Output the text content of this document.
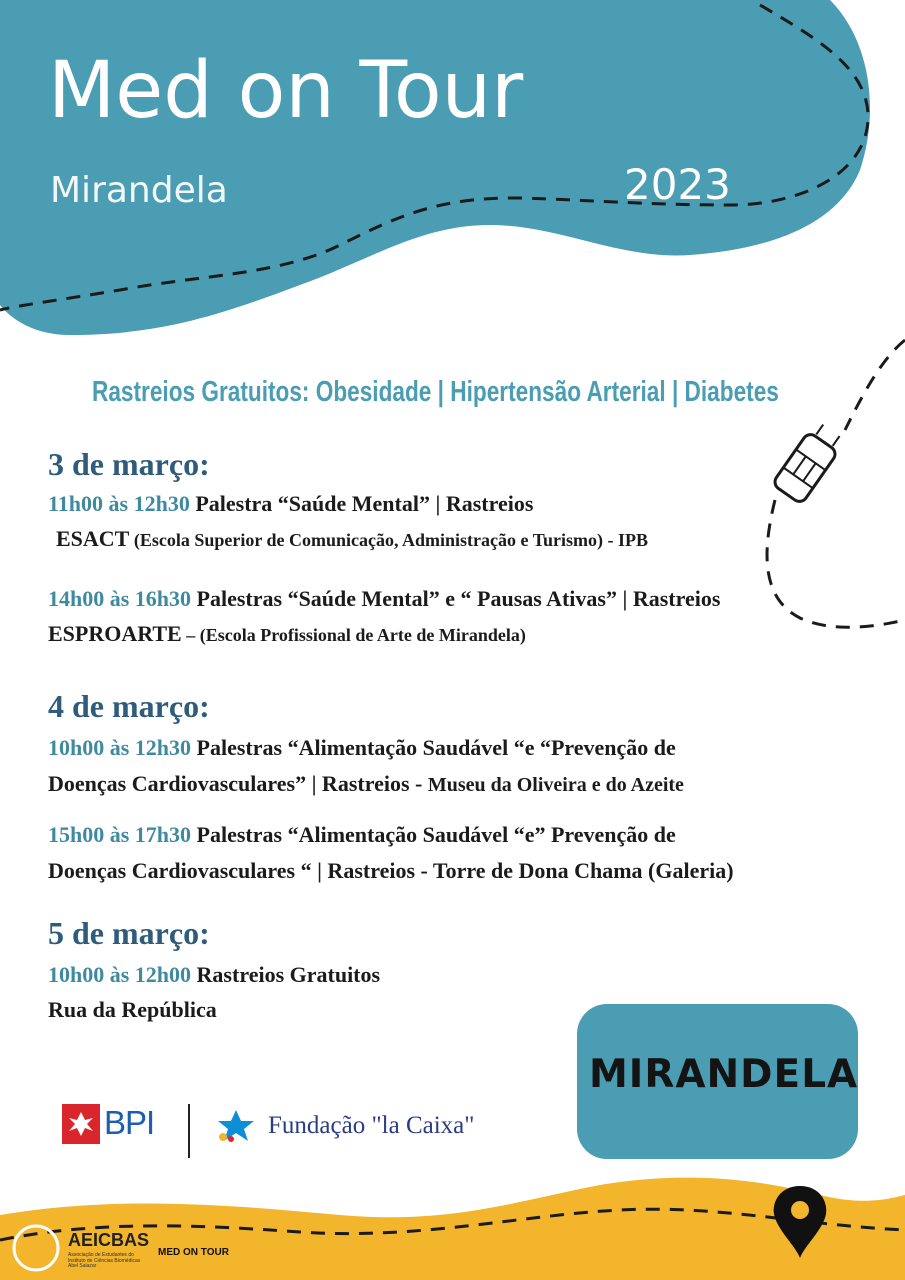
Med on Tour
Mirandela	2023
Rastreios Gratuitos: Obesidade | Hipertensão Arterial | Diabetes
3 de março:
11h00 às 12h30 Palestra “Saúde Mental” | Rastreios
ESACT (Escola Superior de Comunicação, Administração e Turismo) - IPB
14h00 às 16h30 Palestras “Saúde Mental” e “ Pausas Ativas” | Rastreios
ESPROARTE – (Escola Profissional de Arte de Mirandela)
4 de março:
10h00 às 12h30 Palestras “Alimentação Saudável “e “Prevenção de
Doenças Cardiovasculares” | Rastreios - Museu da Oliveira e do Azeite
15h00 às 17h30 Palestras “Alimentação Saudável “e” Prevenção de
Doenças Cardiovasculares “ | Rastreios - Torre de Dona Chama (Galeria)
5 de março:
10h00 às 12h00 Rastreios Gratuitos
Rua da República
BPI	Fundação "la Caixa"
MIRANDELA
AEICBAS
Associação de Estudantes do Instituto de Ciências Biomédicas Abel Salazar
MED ON TOUR
